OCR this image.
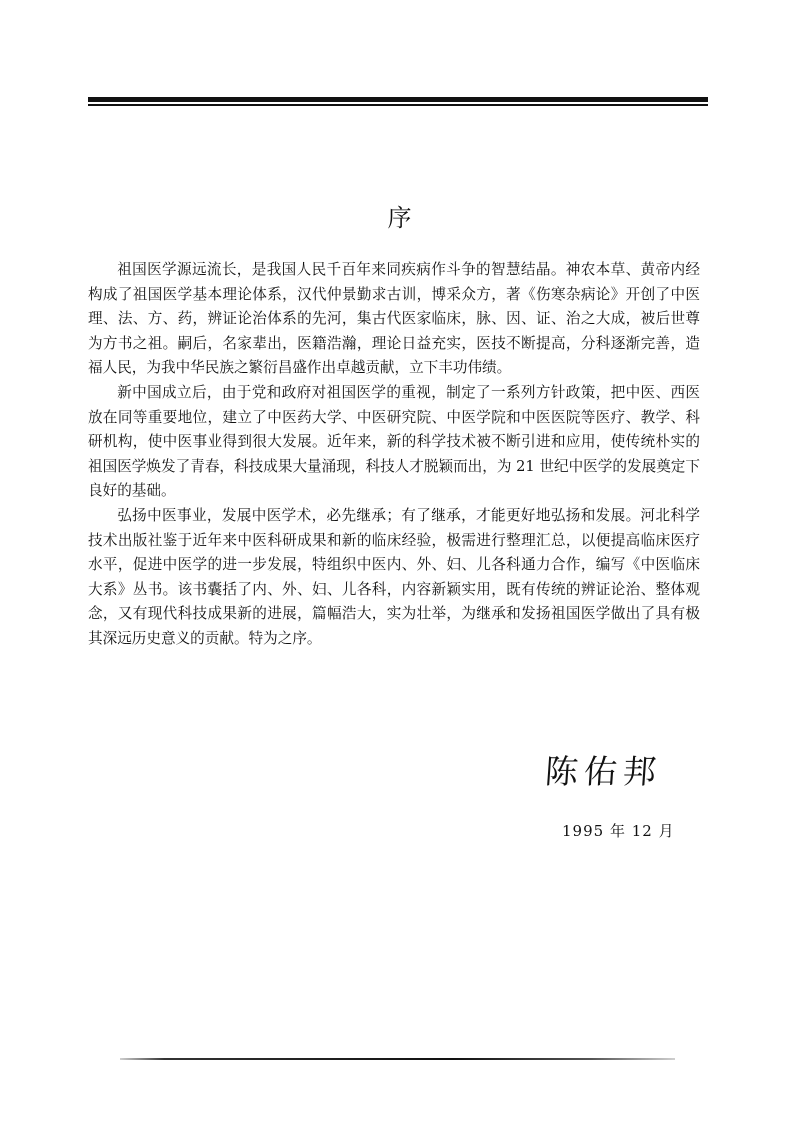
序

祖国医学源远流长，是我国人民千百年来同疾病作斗争的智慧结晶。神农本草、黄帝内经构成了祖国医学基本理论体系，汉代仲景勤求古训，博采众方，著《伤寒杂病论》开创了中医理、法、方、药，辨证论治体系的先河，集古代医家临床，脉、因、证、治之大成，被后世尊为方书之祖。嗣后，名家辈出，医籍浩瀚，理论日益充实，医技不断提高，分科逐渐完善，造福人民，为我中华民族之繁衍昌盛作出卓越贡献，立下丰功伟绩。

新中国成立后，由于党和政府对祖国医学的重视，制定了一系列方针政策，把中医、西医放在同等重要地位，建立了中医药大学、中医研究院、中医学院和中医医院等医疗、教学、科研机构，使中医事业得到很大发展。近年来，新的科学技术被不断引进和应用，使传统朴实的祖国医学焕发了青春，科技成果大量涌现，科技人才脱颖而出，为 21 世纪中医学的发展奠定下良好的基础。

弘扬中医事业，发展中医学术，必先继承；有了继承，才能更好地弘扬和发展。河北科学技术出版社鉴于近年来中医科研成果和新的临床经验，极需进行整理汇总，以便提高临床医疗水平，促进中医学的进一步发展，特组织中医内、外、妇、儿各科通力合作，编写《中医临床大系》丛书。该书囊括了内、外、妇、儿各科，内容新颖实用，既有传统的辨证论治、整体观念，又有现代科技成果新的进展，篇幅浩大，实为壮举，为继承和发扬祖国医学做出了具有极其深远历史意义的贡献。特为之序。

陈佑邦
1995 年 12 月
